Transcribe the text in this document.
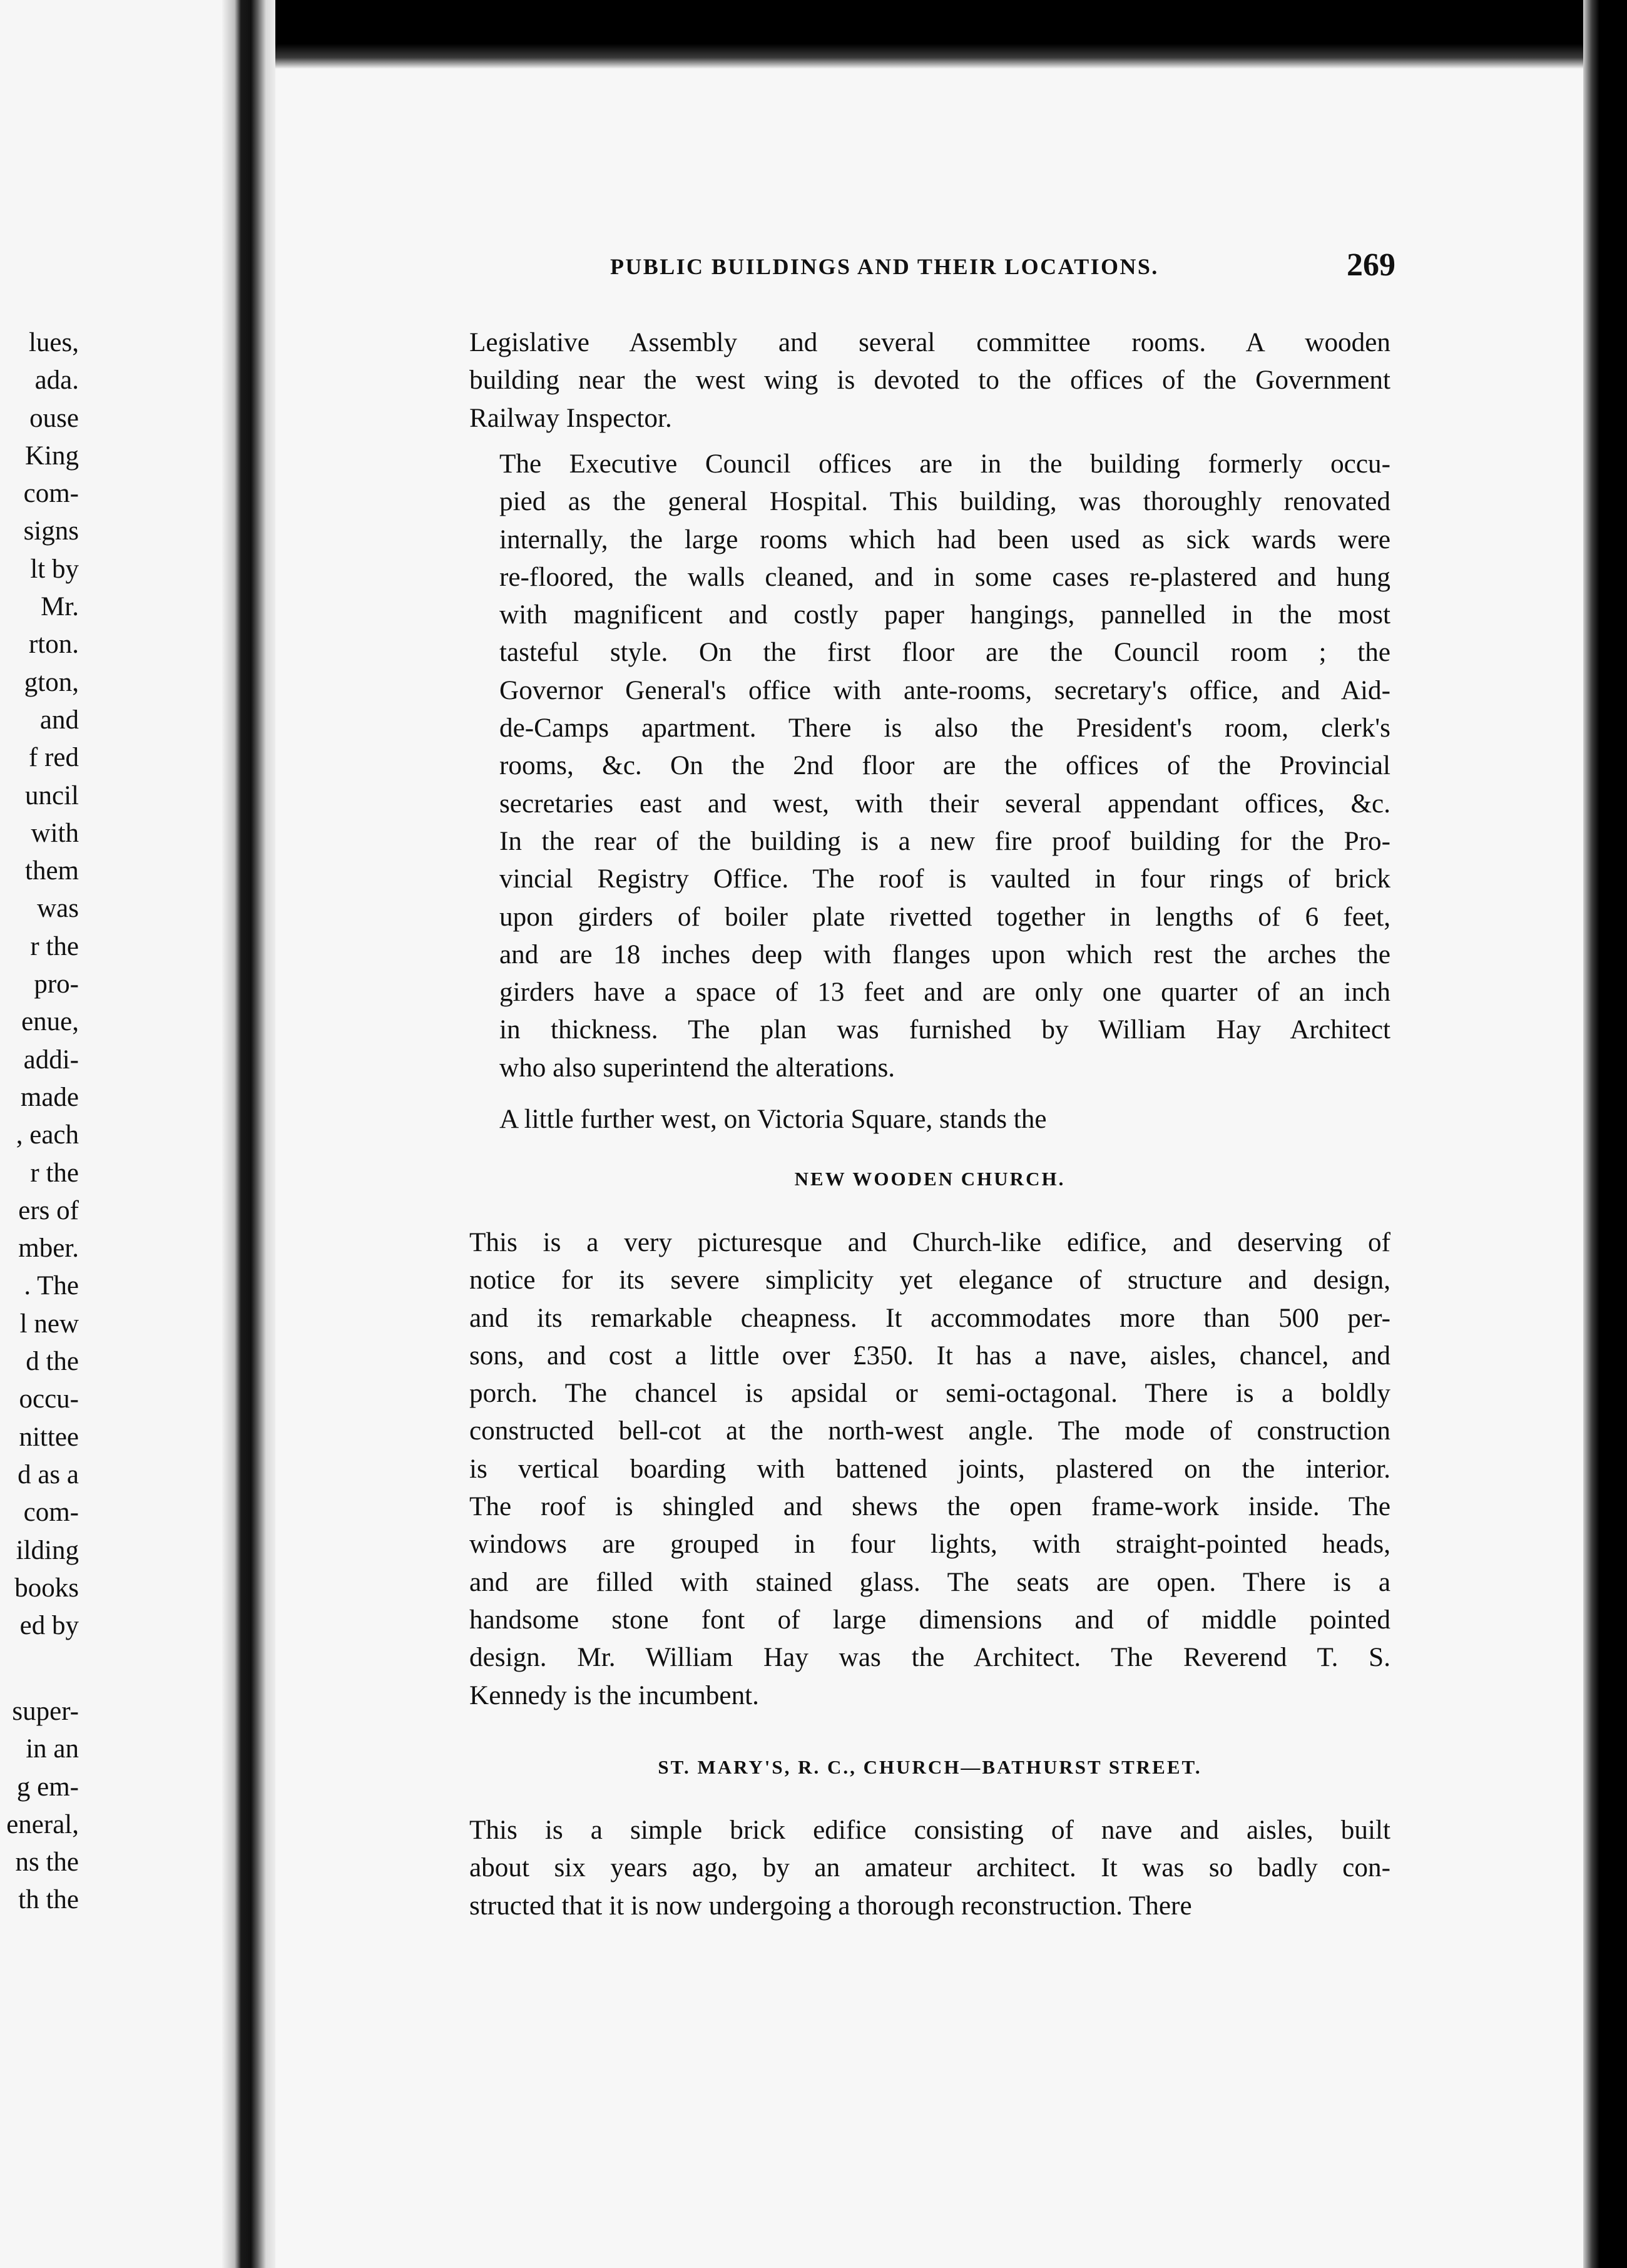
lues,
ada.
ouse
King
com-
signs
lt by
Mr.
rton.
gton,
and
f red
uncil
with
them
was
r the
pro-
enue,
addi-
made
, each
r the
ers of
mber.
. The
l new
d the
occu-
nittee
d as a
com-
ilding
books
ed by
super-
in an
g em-
eneral,
ns the
th the
PUBLIC BUILDINGS AND THEIR LOCATIONS.	269

Legislative Assembly and several committee rooms. A wooden
building near the west wing is devoted to the offices of the Government
Railway Inspector.

The Executive Council offices are in the building formerly occu-
pied as the general Hospital. This building, was thoroughly renovated
internally, the large rooms which had been used as sick wards were
re-floored, the walls cleaned, and in some cases re-plastered and hung
with magnificent and costly paper hangings, pannelled in the most
tasteful style. On the first floor are the Council room ; the
Governor General's office with ante-rooms, secretary's office, and Aid-
de-Camps apartment. There is also the President's room, clerk's
rooms, &c. On the 2nd floor are the offices of the Provincial
secretaries east and west, with their several appendant offices, &c.
In the rear of the building is a new fire proof building for the Pro-
vincial Registry Office. The roof is vaulted in four rings of brick
upon girders of boiler plate rivetted together in lengths of 6 feet,
and are 18 inches deep with flanges upon which rest the arches the
girders have a space of 13 feet and are only one quarter of an inch
in thickness. The plan was furnished by William Hay Architect
who also superintend the alterations.

A little further west, on Victoria Square, stands the

NEW WOODEN CHURCH.

This is a very picturesque and Church-like edifice, and deserving of
notice for its severe simplicity yet elegance of structure and design,
and its remarkable cheapness. It accommodates more than 500 per-
sons, and cost a little over £350. It has a nave, aisles, chancel, and
porch. The chancel is apsidal or semi-octagonal. There is a boldly
constructed bell-cot at the north-west angle. The mode of construction
is vertical boarding with battened joints, plastered on the interior.
The roof is shingled and shews the open frame-work inside. The
windows are grouped in four lights, with straight-pointed heads,
and are filled with stained glass. The seats are open. There is a
handsome stone font of large dimensions and of middle pointed
design. Mr. William Hay was the Architect. The Reverend T. S.
Kennedy is the incumbent.

ST. MARY'S, R. C., CHURCH—BATHURST STREET.

This is a simple brick edifice consisting of nave and aisles, built
about six years ago, by an amateur architect. It was so badly con-
structed that it is now undergoing a thorough reconstruction. There
